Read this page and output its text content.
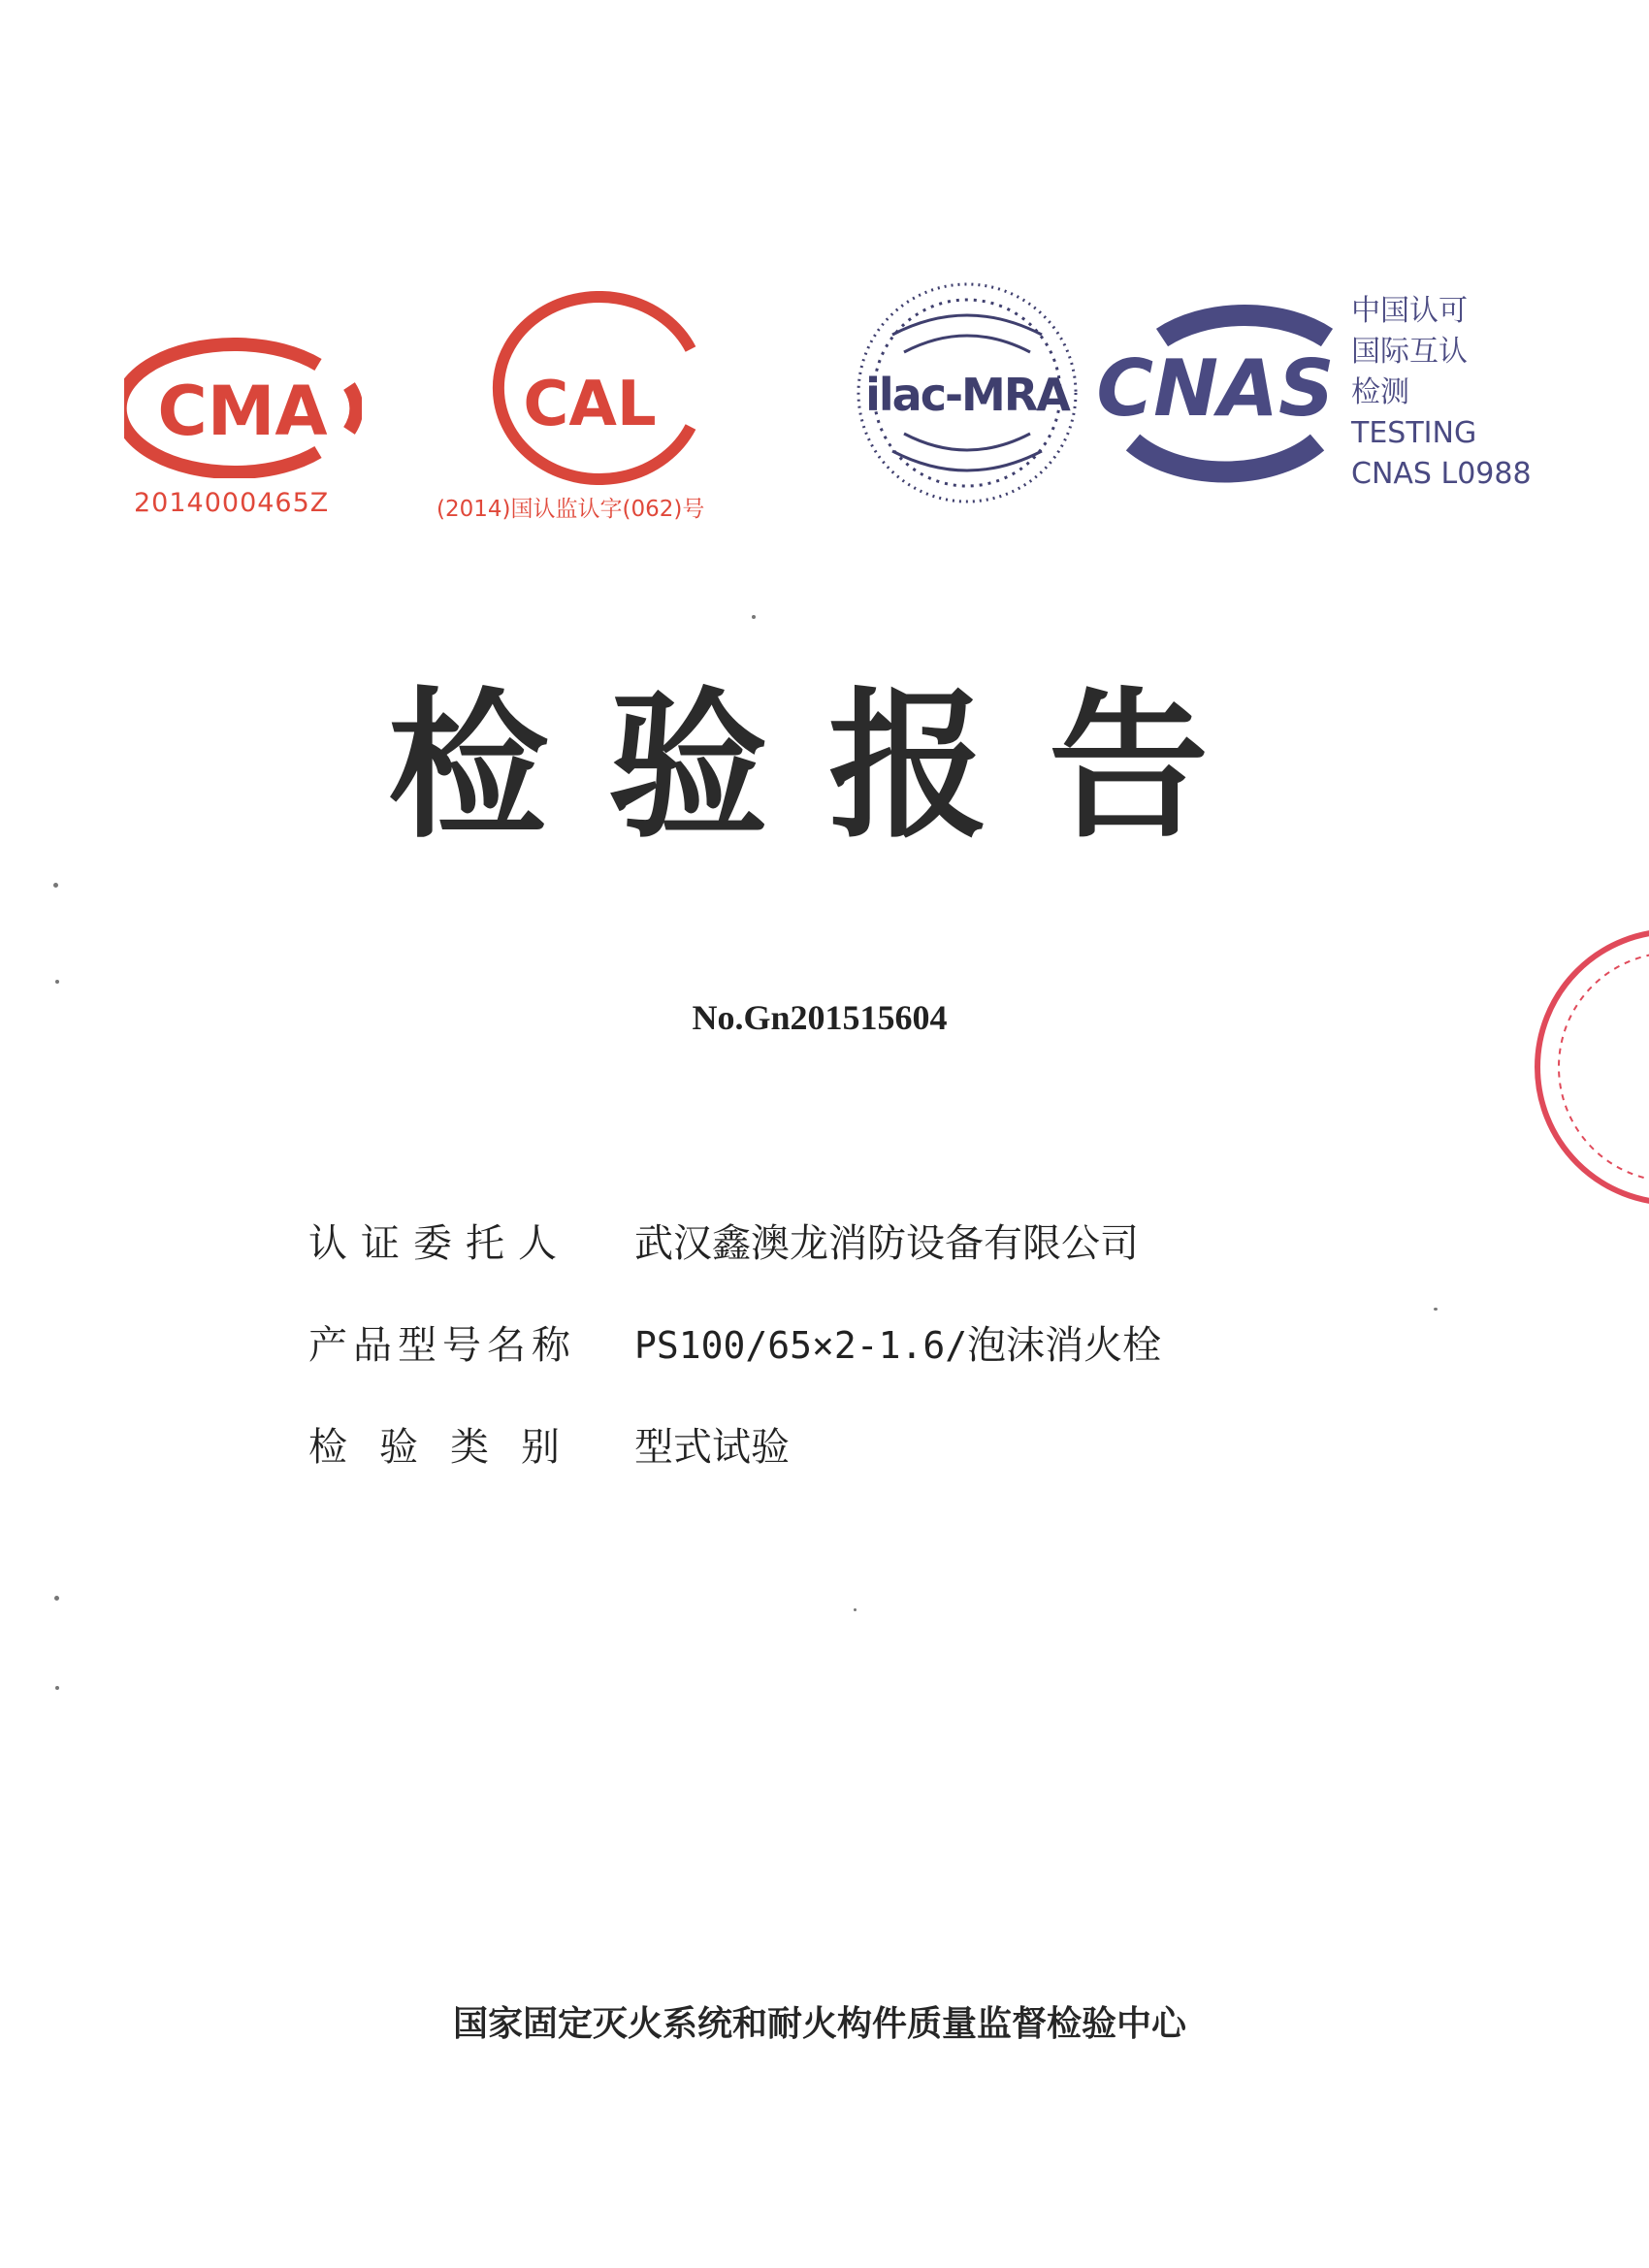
CMA
2014000465Z
CAL
(2014)国认监认字(062)号
ilac-MRA CNAS
中国认可
国际互认
检测
TESTING
CNAS L0988
检验报告
No.Gn201515604
认证委托人 武汉鑫澳龙消防设备有限公司
产品型号名称 PS100/65×2-1.6/泡沫消火栓
检验类别 型式试验
国家固定灭火系统和耐火构件质量监督检验中心
